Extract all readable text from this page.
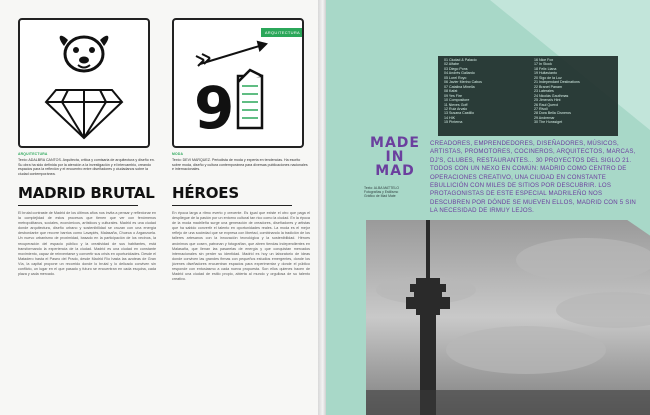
ARQUITECTURA
9
ARQUITECTURA
Texto: ADALBRA CANTOS. Arquitecta, critica y comisaria de arquitectura y diseño en. Su obra ha sido definida por la atención a la investigación y el intercambio, creando espacios para la reflexión y el encuentro entre diseñadores y ciudadanos sobre la ciudad contemporánea.
MADRID BRUTAL
El brutal contraste de Madrid de los últimos años nos invita a pensar y reflexionar en la complejidad de estos procesos que tienen que ver con fenómenos metropolitanos, sociales, económicos, artísticos y culturales. Madrid es una ciudad donde arquitectura, diseño urbano y sostenibilidad se cruzan con una energía desbordante que recorre barrios como Lavapiés, Malasaña, Chueca o Arganzuela. Un nuevo urbanismo de proximidad, basado en la participación de los vecinos, la recuperación del espacio público y la creatividad de sus habitantes, está transformando la experiencia de la ciudad. Madrid es una ciudad en constante movimiento, capaz de reinventarse y convertir sus crisis en oportunidades. Desde el Matadero hasta el Paseo del Prado, desde Madrid Río hasta las azoteas de Gran Vía, la capital propone un recorrido donde lo brutal y lo delicado conviven sin conflicto, un lugar en el que pasado y futuro se encuentran en cada esquina, cada plaza y cada mercado.
MODA
Texto: DEVI MARQUEZ. Periodista de moda y experta en tendencias. Ha escrito sobre moda, diseño y cultura contemporánea para diversas publicaciones nacionales e internacionales.
HÉROES
En época larga a ritmo everto y crecente. Es igual que existe el otro que paga el despliegue de la pasión por un entorno cultural tan rico como la ciudad. En la época de la moda madrileña surge una generación de creadores, diseñadores y artistas que ha sabido convertir el talento en oportunidades reales. La moda es el mejor reflejo de una sociedad que se expresa con libertad, combinando la tradición de los talleres artesanos con la innovación tecnológica y la sostenibilidad. Héroes anónimos que cosen, patronan y fotografían, que abren tiendas independientes en Malasaña, que llenan las pasarelas de energía y que conquistan mercados internacionales sin perder su identidad. Madrid es hoy un laboratorio de ideas donde conviven las grandes firmas con pequeños estudios emergentes, donde los jóvenes diseñadores encuentran espacios para experimentar y donde el público responde con entusiasmo a cada nueva propuesta. Son ellos quienes hacen de Madrid una ciudad de estilo propio, abierta al mundo y orgullosa de su talento creativo.
01 Ciudad & Palacio
02 Alfabe
03 Diego Pons
04 Andrés Gallardo
05 Lorel Royo
06 Javier Merino Cabos
07 Catalina Minella
08 Kafat
09 Yes Fire
10 Compositore
11 Nieves Goff
12 Ruiz Arvalo
13 Susana Castillo
14 HIK
15 Pinterna
16 Nice Fox
17 In Stock
18 Felix Liana
19 Hultavianto
20 Sigo de la Luz
21 Independant Destinations
22 Branet Panam
23 Laterales
24 Nicolás Gauthmas
25 Jimena's Hint
26 Raul Querol
27 Rivoli
28 Dora Bella Cisneros
29 Andremar
30 The Hunssiget
MADE
IN
MAD
Texto: ALBA MATTELO
Fotografías y Estilismo
Gráfico de Mad Mate
CREADORES, EMPRENDEDORES, DISEÑADORES, MÚSICOS, ARTISTAS, PROMOTORES, COCINEROS, ARQUITECTOS, MARCAS, DJ'S, CLUBES, RESTAURANTES... 30 PROYECTOS DEL SIGLO 21. TODOS CON UN NEXO EN COMÚN: MADRID COMO CENTRO DE OPERACIONES CREATIVO, UNA CIUDAD EN CONSTANTE EBULLICIÓN CON MILES DE SITIOS POR DESCUBRIR. LOS PROTAGONISTAS DE ESTE ESPECIAL MADRILEÑO NOS DESCUBREN POR DÓNDE SE MUEVEN ELLOS, MADRID CON 5 SIN LA NECESIDAD DE IRMUY LEJOS.
